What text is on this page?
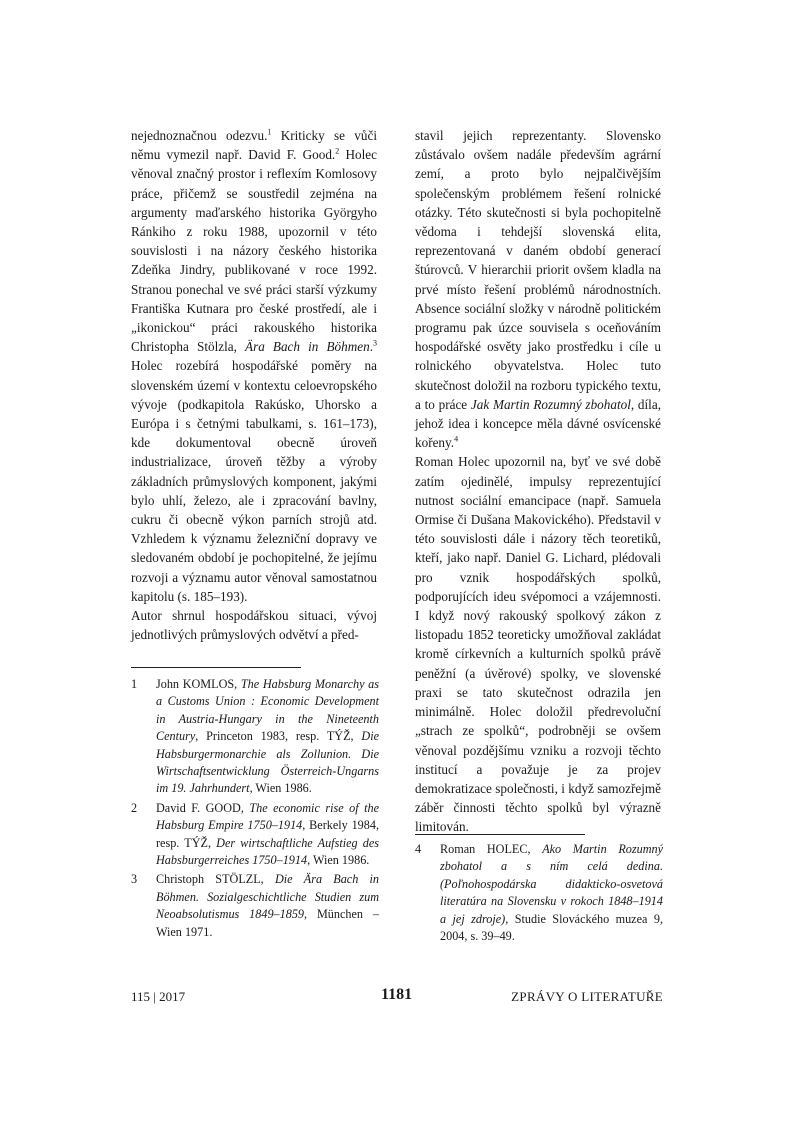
nejednoznačnou odezvu.$^1$ Kriticky se vůči němu vymezil např. David F. Good.$^2$ Holec věnoval značný prostor i reflexím Komlosovy práce, přičemž se soustředil zejména na argumenty maďarského historika Györgyho Ránkiho z roku 1988, upozornil v této souvislosti i na názory českého historika Zdeňka Jindry, publikované v roce 1992. Stranou ponechal ve své práci starší výzkumy Františka Kutnara pro české prostředí, ale i „ikonickou“ práci rakouského historika Christopha Stölzla, Ära Bach in Böhmen.$^3$ Holec rozebírá hospodářské poměry na slovenském území v kontextu celoevropského vývoje (podkapitola Rakúsko, Uhorsko a Európa i s četnými tabulkami, s. 161–173), kde dokumentoval obecně úroveň industrializace, úroveň těžby a výroby základních průmyslových komponent, jakými bylo uhlí, železo, ale i zpracování bavlny, cukru či obecně výkon parních strojů atd. Vzhledem k významu železniční dopravy ve sledovaném období je pochopitelné, že jejímu rozvoji a významu autor věnoval samostatnou kapitolu (s. 185–193).

Autor shrnul hospodářskou situaci, vývoj jednotlivých průmyslových odvětví a před-

stavil jejich reprezentanty. Slovensko zůstávalo ovšem nadále především agrární zemí, a proto bylo nejpalčivějším společenským problémem řešení rolnické otázky. Této skutečnosti si byla pochopitelně vědoma i tehdejší slovenská elita, reprezentovaná v daném období generací štúrovců. V hierarchii priorit ovšem kladla na prvé místo řešení problémů národnostních. Absence sociální složky v národně politickém programu pak úzce souvisela s oceňováním hospodářské osvěty jako prostředku i cíle u rolnického obyvatelstva. Holec tuto skutečnost doložil na rozboru typického textu, a to práce Jak Martin Rozumný zbohatol, díla, jehož idea i koncepce měla dávné osvícenské kořeny.$^4$

Roman Holec upozornil na, byť ve své době zatím ojedinělé, impulsy reprezentující nutnost sociální emancipace (např. Samuela Ormise či Dušana Makovického). Představil v této souvislosti dále i názory těch teoretiků, kteří, jako např. Daniel G. Lichard, plédovali pro vznik hospodářských spolků, podporujících ideu svépomoci a vzájemnosti. I když nový rakouský spolkový zákon z listopadu 1852 teoreticky umožňoval zakládat kromě církevních a kulturních spolků právě peněžní (a úvěrové) spolky, ve slovenské praxi se tato skutečnost odrazila jen minimálně. Holec doložil předrevoluční „strach ze spolků“, podrobněji se ovšem věnoval pozdějšímu vzniku a rozvoji těchto institucí a považuje je za projev demokratizace společnosti, i když samozřejmě záběr činnosti těchto spolků byl výrazně limitován.

1	John KOMLOS, The Habsburg Monarchy as a Customs Union : Economic Development in Austria-Hungary in the Nineteenth Century, Princeton 1983, resp. TÝŽ, Die Habsburgermonarchie als Zollunion. Die Wirtschaftsentwicklung Österreich-Ungarns im 19. Jahrhundert, Wien 1986.
2	David F. GOOD, The economic rise of the Habsburg Empire 1750–1914, Berkely 1984, resp. TÝŽ, Der wirtschaftliche Aufstieg des Habsburgerreiches 1750–1914, Wien 1986.
3	Christoph STÖLZL, Die Ära Bach in Böhmen. Sozialgeschichtliche Studien zum Neoabsolutismus 1849–1859, München – Wien 1971.
4	Roman HOLEC, Ako Martin Rozumný zbohatol a s ním celá dedina. (Poľnohospodárska didakticko-osvetová literatúra na Slovensku v rokoch 1848–1914 a jej zdroje), Studie Slováckého muzea 9, 2004, s. 39–49.
115 | 2017	1181	ZPRÁVY O LITERATUŘE
